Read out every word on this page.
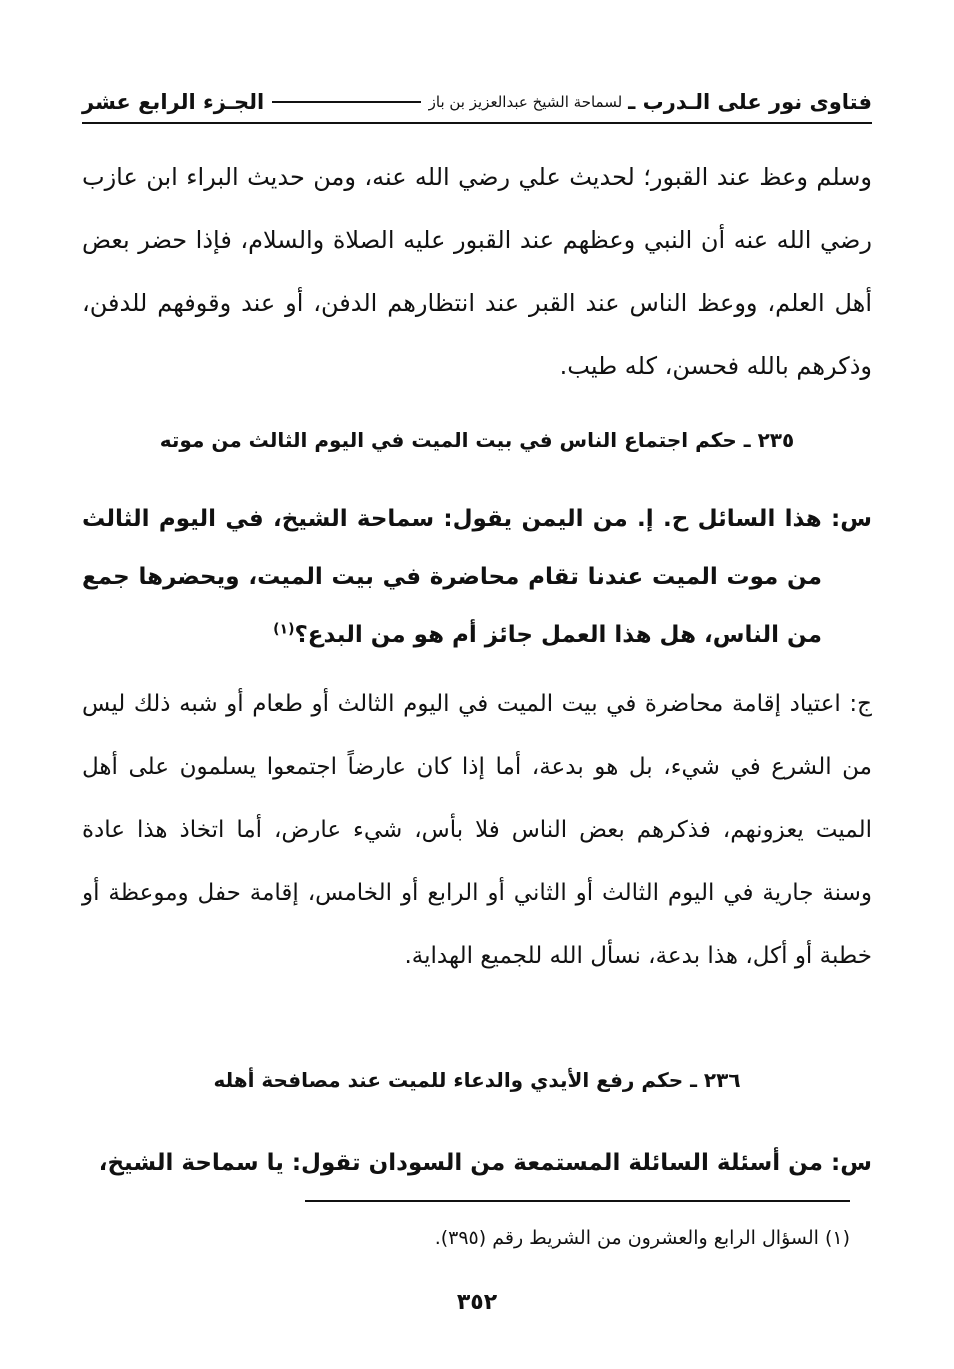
فتاوى نور على الـدرب ـ
لسماحة الشيخ عبدالعزيز بن باز
الجـزء الرابع عشر

وسلم وعظ عند القبور؛ لحديث علي رضي الله عنه، ومن حديث البراء ابن عازب رضي الله عنه أن النبي وعظهم عند القبور عليه الصلاة والسلام، فإذا حضر بعض أهل العلم، ووعظ الناس عند القبر عند انتظارهم الدفن، أو عند وقوفهم للدفن، وذكرهم بالله فحسن، كله طيب.

٢٣٥ ـ حكم اجتماع الناس في بيت الميت في اليوم الثالث من موته

س: هذا السائل ح. إ. من اليمن يقول: سماحة الشيخ، في اليوم الثالث من موت الميت عندنا تقام محاضرة في بيت الميت، ويحضرها جمع من الناس، هل هذا العمل جائز أم هو من البدع؟$^{(١)}$

ج: اعتياد إقامة محاضرة في بيت الميت في اليوم الثالث أو طعام أو شبه ذلك ليس من الشرع في شيء، بل هو بدعة، أما إذا كان عارضاً اجتمعوا يسلمون على أهل الميت يعزونهم، فذكرهم بعض الناس فلا بأس، شيء عارض، أما اتخاذ هذا عادة وسنة جارية في اليوم الثالث أو الثاني أو الرابع أو الخامس، إقامة حفل وموعظة أو خطبة أو أكل، هذا بدعة، نسأل الله للجميع الهداية.

٢٣٦ ـ حكم رفع الأيدي والدعاء للميت عند مصافحة أهله

س: من أسئلة السائلة المستمعة من السودان تقول: يا سماحة الشيخ،

(١) السؤال الرابع والعشرون من الشريط رقم (٣٩٥).
٣٥٢
